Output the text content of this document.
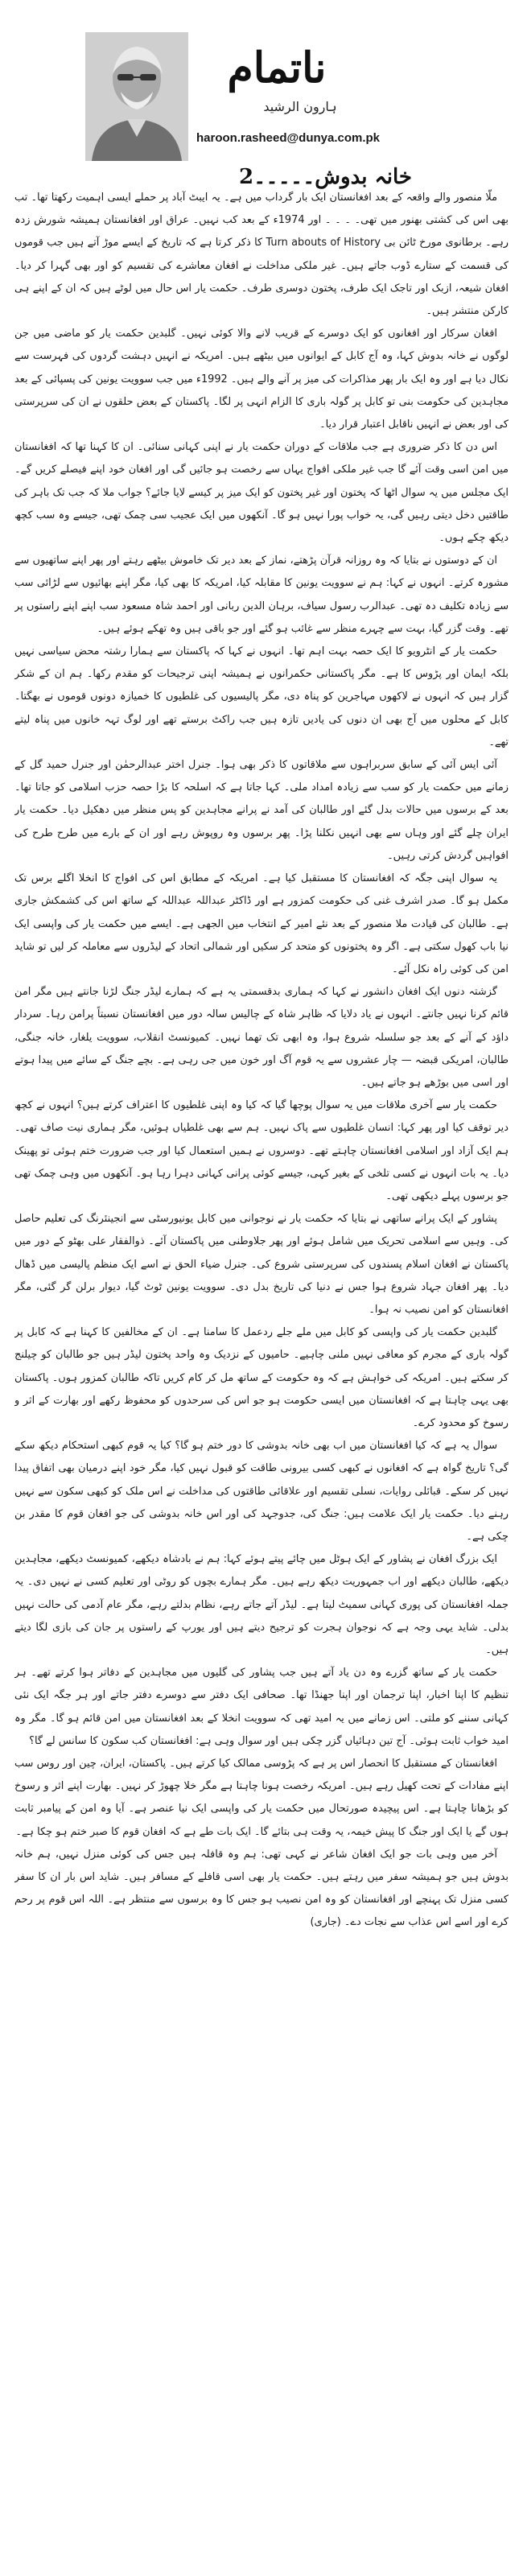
ناتمام
ہارون الرشید
haroon.rasheed@dunya.com.pk
خانہ بدوش۔۔۔۔۔2

ملّا منصور والے واقعہ کے بعد افغانستان ایک بار گرداب میں ہے۔ یہ ایبٹ آباد پر حملے ایسی اہمیت رکھتا تھا۔ تب بھی اس کی کشتی بھنور میں تھی۔ ۔ ۔ ۔ اور 1974ء کے بعد کب نہیں۔ عراق اور افغانستان ہمیشہ شورش زدہ رہے۔ برطانوی مورخ ٹائن بی Turn abouts of History کا ذکر کرتا ہے کہ تاریخ کے ایسے موڑ آتے ہیں جب قوموں کی قسمت کے ستارے ڈوب جاتے ہیں۔ غیر ملکی مداخلت نے افغان معاشرے کی تقسیم کو اور بھی گہرا کر دیا۔ افغان شیعہ، ازبک اور تاجک ایک طرف، پختون دوسری طرف۔ حکمت یار اس حال میں لوٹے ہیں کہ ان کے اپنے ہی کارکن منتشر ہیں۔

افغان سرکار اور افغانوں کو ایک دوسرے کے قریب لانے والا کوئی نہیں۔ گلبدین حکمت یار کو ماضی میں جن لوگوں نے خانہ بدوش کہا، وہ آج کابل کے ایوانوں میں بیٹھے ہیں۔ امریکہ نے انہیں دہشت گردوں کی فہرست سے نکال دیا ہے اور وہ ایک بار پھر مذاکرات کی میز پر آنے والے ہیں۔ 1992ء میں جب سوویت یونین کی پسپائی کے بعد مجاہدین کی حکومت بنی تو کابل پر گولہ باری کا الزام انہی پر لگا۔ پاکستان کے بعض حلقوں نے ان کی سرپرستی کی اور بعض نے انہیں ناقابل اعتبار قرار دیا۔

اس دن کا ذکر ضروری ہے جب ملاقات کے دوران حکمت یار نے اپنی کہانی سنائی۔ ان کا کہنا تھا کہ افغانستان میں امن اسی وقت آئے گا جب غیر ملکی افواج یہاں سے رخصت ہو جائیں گی اور افغان خود اپنے فیصلے کریں گے۔ ایک مجلس میں یہ سوال اٹھا کہ پختون اور غیر پختون کو ایک میز پر کیسے لایا جائے؟ جواب ملا کہ جب تک باہر کی طاقتیں دخل دیتی رہیں گی، یہ خواب پورا نہیں ہو گا۔ آنکھوں میں ایک عجیب سی چمک تھی، جیسے وہ سب کچھ دیکھ چکے ہوں۔

ان کے دوستوں نے بتایا کہ وہ روزانہ قرآن پڑھتے، نماز کے بعد دیر تک خاموش بیٹھے رہتے اور پھر اپنے ساتھیوں سے مشورہ کرتے۔ انہوں نے کہا: ہم نے سوویت یونین کا مقابلہ کیا، امریکہ کا بھی کیا، مگر اپنے بھائیوں سے لڑائی سب سے زیادہ تکلیف دہ تھی۔ عبدالرب رسول سیاف، برہان الدین ربانی اور احمد شاہ مسعود سب اپنے اپنے راستوں پر تھے۔ وقت گزر گیا، بہت سے چہرے منظر سے غائب ہو گئے اور جو باقی ہیں وہ تھکے ہوئے ہیں۔

حکمت یار کے انٹرویو کا ایک حصہ بہت اہم تھا۔ انہوں نے کہا کہ پاکستان سے ہمارا رشتہ محض سیاسی نہیں بلکہ ایمان اور پڑوس کا ہے۔ مگر پاکستانی حکمرانوں نے ہمیشہ اپنی ترجیحات کو مقدم رکھا۔ ہم ان کے شکر گزار ہیں کہ انہوں نے لاکھوں مہاجرین کو پناہ دی، مگر پالیسیوں کی غلطیوں کا خمیازہ دونوں قوموں نے بھگتا۔ کابل کے محلوں میں آج بھی ان دنوں کی یادیں تازہ ہیں جب راکٹ برستے تھے اور لوگ تہہ خانوں میں پناہ لیتے تھے۔

آئی ایس آئی کے سابق سربراہوں سے ملاقاتوں کا ذکر بھی ہوا۔ جنرل اختر عبدالرحمٰن اور جنرل حمید گل کے زمانے میں حکمت یار کو سب سے زیادہ امداد ملی۔ کہا جاتا ہے کہ اسلحہ کا بڑا حصہ حزب اسلامی کو جاتا تھا۔ بعد کے برسوں میں حالات بدل گئے اور طالبان کی آمد نے پرانے مجاہدین کو پس منظر میں دھکیل دیا۔ حکمت یار ایران چلے گئے اور وہاں سے بھی انہیں نکلنا پڑا۔ پھر برسوں وہ روپوش رہے اور ان کے بارے میں طرح طرح کی افواہیں گردش کرتی رہیں۔

یہ سوال اپنی جگہ کہ افغانستان کا مستقبل کیا ہے۔ امریکہ کے مطابق اس کی افواج کا انخلا اگلے برس تک مکمل ہو گا۔ صدر اشرف غنی کی حکومت کمزور ہے اور ڈاکٹر عبداللہ عبداللہ کے ساتھ اس کی کشمکش جاری ہے۔ طالبان کی قیادت ملا منصور کے بعد نئے امیر کے انتخاب میں الجھی ہے۔ ایسے میں حکمت یار کی واپسی ایک نیا باب کھول سکتی ہے۔ اگر وہ پختونوں کو متحد کر سکیں اور شمالی اتحاد کے لیڈروں سے معاملہ کر لیں تو شاید امن کی کوئی راہ نکل آئے۔

گزشتہ دنوں ایک افغان دانشور نے کہا کہ ہماری بدقسمتی یہ ہے کہ ہمارے لیڈر جنگ لڑنا جانتے ہیں مگر امن قائم کرنا نہیں جانتے۔ انہوں نے یاد دلایا کہ ظاہر شاہ کے چالیس سالہ دور میں افغانستان نسبتاً پرامن رہا۔ سردار داؤد کے آنے کے بعد جو سلسلہ شروع ہوا، وہ ابھی تک تھما نہیں۔ کمیونسٹ انقلاب، سوویت یلغار، خانہ جنگی، طالبان، امریکی قبضہ — چار عشروں سے یہ قوم آگ اور خون میں جی رہی ہے۔ بچے جنگ کے سائے میں پیدا ہوتے اور اسی میں بوڑھے ہو جاتے ہیں۔

حکمت یار سے آخری ملاقات میں یہ سوال پوچھا گیا کہ کیا وہ اپنی غلطیوں کا اعتراف کرتے ہیں؟ انہوں نے کچھ دیر توقف کیا اور پھر کہا: انسان غلطیوں سے پاک نہیں۔ ہم سے بھی غلطیاں ہوئیں، مگر ہماری نیت صاف تھی۔ ہم ایک آزاد اور اسلامی افغانستان چاہتے تھے۔ دوسروں نے ہمیں استعمال کیا اور جب ضرورت ختم ہوئی تو پھینک دیا۔ یہ بات انہوں نے کسی تلخی کے بغیر کہی، جیسے کوئی پرانی کہانی دہرا رہا ہو۔ آنکھوں میں وہی چمک تھی جو برسوں پہلے دیکھی تھی۔

پشاور کے ایک پرانے ساتھی نے بتایا کہ حکمت یار نے نوجوانی میں کابل یونیورسٹی سے انجینئرنگ کی تعلیم حاصل کی۔ وہیں سے اسلامی تحریک میں شامل ہوئے اور پھر جلاوطنی میں پاکستان آئے۔ ذوالفقار علی بھٹو کے دور میں پاکستان نے افغان اسلام پسندوں کی سرپرستی شروع کی۔ جنرل ضیاء الحق نے اسے ایک منظم پالیسی میں ڈھال دیا۔ پھر افغان جہاد شروع ہوا جس نے دنیا کی تاریخ بدل دی۔ سوویت یونین ٹوٹ گیا، دیوار برلن گر گئی، مگر افغانستان کو امن نصیب نہ ہوا۔

گلبدین حکمت یار کی واپسی کو کابل میں ملے جلے ردعمل کا سامنا ہے۔ ان کے مخالفین کا کہنا ہے کہ کابل پر گولہ باری کے مجرم کو معافی نہیں ملنی چاہیے۔ حامیوں کے نزدیک وہ واحد پختون لیڈر ہیں جو طالبان کو چیلنج کر سکتے ہیں۔ امریکہ کی خواہش ہے کہ وہ حکومت کے ساتھ مل کر کام کریں تاکہ طالبان کمزور ہوں۔ پاکستان بھی یہی چاہتا ہے کہ افغانستان میں ایسی حکومت ہو جو اس کی سرحدوں کو محفوظ رکھے اور بھارت کے اثر و رسوخ کو محدود کرے۔

سوال یہ ہے کہ کیا افغانستان میں اب بھی خانہ بدوشی کا دور ختم ہو گا؟ کیا یہ قوم کبھی استحکام دیکھ سکے گی؟ تاریخ گواہ ہے کہ افغانوں نے کبھی کسی بیرونی طاقت کو قبول نہیں کیا، مگر خود اپنے درمیان بھی اتفاق پیدا نہیں کر سکے۔ قبائلی روایات، نسلی تقسیم اور علاقائی طاقتوں کی مداخلت نے اس ملک کو کبھی سکون سے نہیں رہنے دیا۔ حکمت یار ایک علامت ہیں: جنگ کی، جدوجہد کی اور اس خانہ بدوشی کی جو افغان قوم کا مقدر بن چکی ہے۔

ایک بزرگ افغان نے پشاور کے ایک ہوٹل میں چائے پیتے ہوئے کہا: ہم نے بادشاہ دیکھے، کمیونسٹ دیکھے، مجاہدین دیکھے، طالبان دیکھے اور اب جمہوریت دیکھ رہے ہیں۔ مگر ہمارے بچوں کو روٹی اور تعلیم کسی نے نہیں دی۔ یہ جملہ افغانستان کی پوری کہانی سمیٹ لیتا ہے۔ لیڈر آتے جاتے رہے، نظام بدلتے رہے، مگر عام آدمی کی حالت نہیں بدلی۔ شاید یہی وجہ ہے کہ نوجوان ہجرت کو ترجیح دیتے ہیں اور یورپ کے راستوں پر جان کی بازی لگا دیتے ہیں۔

حکمت یار کے ساتھ گزرے وہ دن یاد آتے ہیں جب پشاور کی گلیوں میں مجاہدین کے دفاتر ہوا کرتے تھے۔ ہر تنظیم کا اپنا اخبار، اپنا ترجمان اور اپنا جھنڈا تھا۔ صحافی ایک دفتر سے دوسرے دفتر جاتے اور ہر جگہ ایک نئی کہانی سننے کو ملتی۔ اس زمانے میں یہ امید تھی کہ سوویت انخلا کے بعد افغانستان میں امن قائم ہو گا۔ مگر وہ امید خواب ثابت ہوئی۔ آج تین دہائیاں گزر چکی ہیں اور سوال وہی ہے: افغانستان کب سکون کا سانس لے گا؟

افغانستان کے مستقبل کا انحصار اس پر ہے کہ پڑوسی ممالک کیا کرتے ہیں۔ پاکستان، ایران، چین اور روس سب اپنے مفادات کے تحت کھیل رہے ہیں۔ امریکہ رخصت ہونا چاہتا ہے مگر خلا چھوڑ کر نہیں۔ بھارت اپنے اثر و رسوخ کو بڑھانا چاہتا ہے۔ اس پیچیدہ صورتحال میں حکمت یار کی واپسی ایک نیا عنصر ہے۔ آیا وہ امن کے پیامبر ثابت ہوں گے یا ایک اور جنگ کا پیش خیمہ، یہ وقت ہی بتائے گا۔ ایک بات طے ہے کہ افغان قوم کا صبر ختم ہو چکا ہے۔

آخر میں وہی بات جو ایک افغان شاعر نے کہی تھی: ہم وہ قافلہ ہیں جس کی کوئی منزل نہیں، ہم خانہ بدوش ہیں جو ہمیشہ سفر میں رہتے ہیں۔ حکمت یار بھی اسی قافلے کے مسافر ہیں۔ شاید اس بار ان کا سفر کسی منزل تک پہنچے اور افغانستان کو وہ امن نصیب ہو جس کا وہ برسوں سے منتظر ہے۔ اللہ اس قوم پر رحم کرے اور اسے اس عذاب سے نجات دے۔ (جاری)
